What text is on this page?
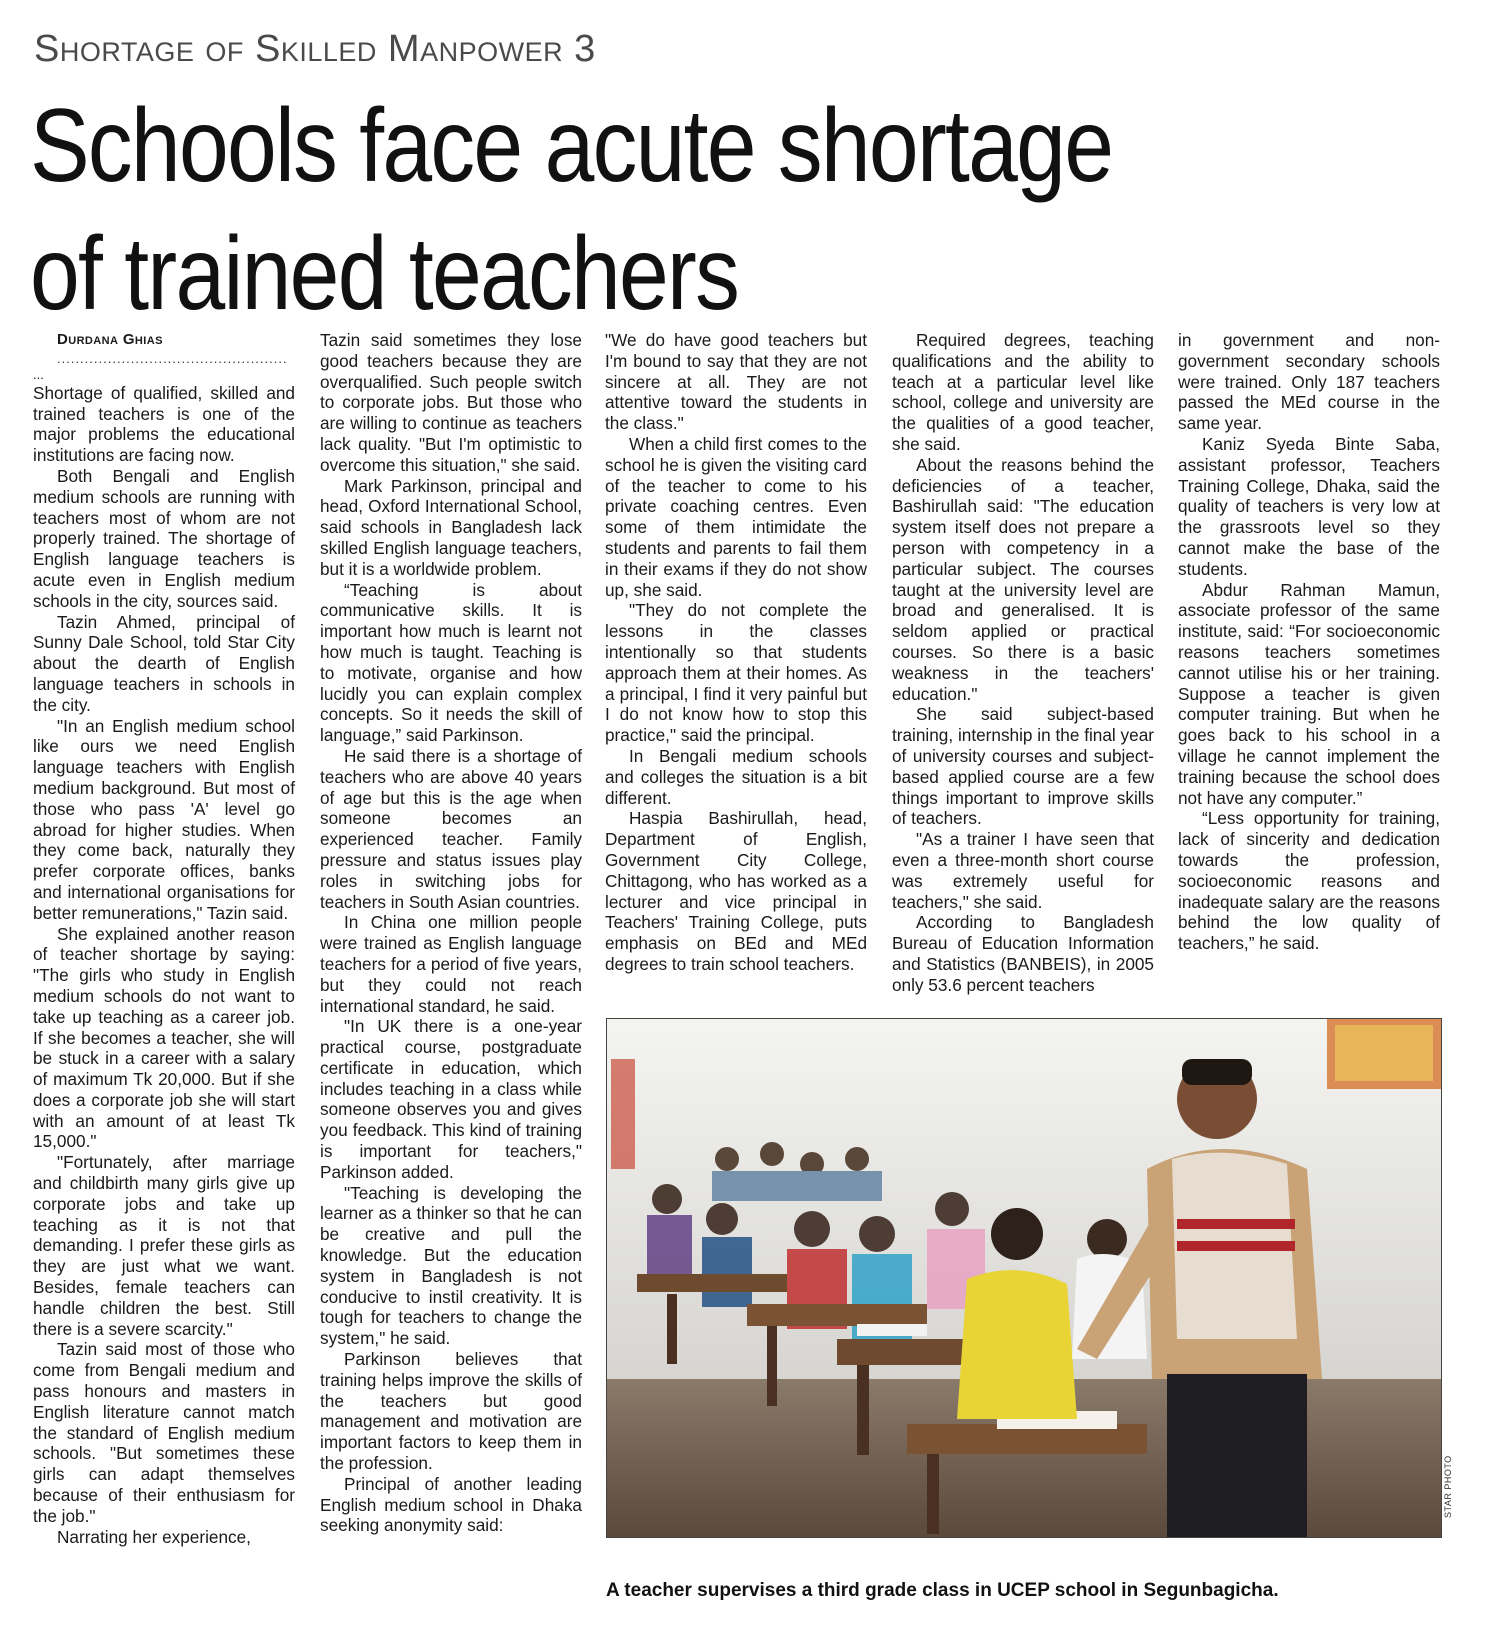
Shortage of Skilled Manpower 3
Schools face acute shortage
of trained teachers

Durdana Ghias

..................................................

...

Shortage of qualified, skilled and trained teachers is one of the major problems the educational institutions are facing now.

Both Bengali and English medium schools are running with teachers most of whom are not properly trained. The shortage of English language teachers is acute even in English medium schools in the city, sources said.

Tazin Ahmed, principal of Sunny Dale School, told Star City about the dearth of English language teachers in schools in the city.

"In an English medium school like ours we need English language teachers with English medium background. But most of those who pass 'A' level go abroad for higher studies. When they come back, naturally they prefer corporate offices, banks and international organisations for better remunerations," Tazin said.

She explained another reason of teacher shortage by saying: "The girls who study in English medium schools do not want to take up teaching as a career job. If she becomes a teacher, she will be stuck in a career with a salary of maximum Tk 20,000. But if she does a corporate job she will start with an amount of at least Tk 15,000."

"Fortunately, after marriage and childbirth many girls give up corporate jobs and take up teaching as it is not that demanding. I prefer these girls as they are just what we want. Besides, female teachers can handle children the best. Still there is a severe scarcity."

Tazin said most of those who come from Bengali medium and pass honours and masters in English literature cannot match the standard of English medium schools. "But sometimes these girls can adapt themselves because of their enthusiasm for the job."

Narrating her experience,

Tazin said sometimes they lose good teachers because they are overqualified. Such people switch to corporate jobs. But those who are willing to continue as teachers lack quality. "But I'm optimistic to overcome this situation," she said.

Mark Parkinson, principal and head, Oxford International School, said schools in Bangladesh lack skilled English language teachers, but it is a worldwide problem.

“Teaching is about communicative skills. It is important how much is learnt not how much is taught. Teaching is to motivate, organise and how lucidly you can explain complex concepts. So it needs the skill of language,” said Parkinson.

He said there is a shortage of teachers who are above 40 years of age but this is the age when someone becomes an experienced teacher. Family pressure and status issues play roles in switching jobs for teachers in South Asian countries.

In China one million people were trained as English language teachers for a period of five years, but they could not reach international standard, he said.

"In UK there is a one-year practical course, postgraduate certificate in education, which includes teaching in a class while someone observes you and gives you feedback. This kind of training is important for teachers," Parkinson added.

"Teaching is developing the learner as a thinker so that he can be creative and pull the knowledge. But the education system in Bangladesh is not conducive to instil creativity. It is tough for teachers to change the system," he said.

Parkinson believes that training helps improve the skills of the teachers but good management and motivation are important factors to keep them in the profession.

Principal of another leading English medium school in Dhaka seeking anonymity said:

"We do have good teachers but I'm bound to say that they are not sincere at all. They are not attentive toward the students in the class."

When a child first comes to the school he is given the visiting card of the teacher to come to his private coaching centres. Even some of them intimidate the students and parents to fail them in their exams if they do not show up, she said.

"They do not complete the lessons in the classes intentionally so that students approach them at their homes. As a principal, I find it very painful but I do not know how to stop this practice," said the principal.

In Bengali medium schools and colleges the situation is a bit different.

Haspia Bashirullah, head, Department of English, Government City College, Chittagong, who has worked as a lecturer and vice principal in Teachers' Training College, puts emphasis on BEd and MEd degrees to train school teachers.

Required degrees, teaching qualifications and the ability to teach at a particular level like school, college and university are the qualities of a good teacher, she said.

About the reasons behind the deficiencies of a teacher, Bashirullah said: "The education system itself does not prepare a person with competency in a particular subject. The courses taught at the university level are broad and generalised. It is seldom applied or practical courses. So there is a basic weakness in the teachers' education."

She said subject-based training, internship in the final year of university courses and subject-based applied course are a few things important to improve skills of teachers.

"As a trainer I have seen that even a three-month short course was extremely useful for teachers," she said.

According to Bangladesh Bureau of Education Information and Statistics (BANBEIS), in 2005 only 53.6 percent teachers

in government and non-government secondary schools were trained. Only 187 teachers passed the MEd course in the same year.

Kaniz Syeda Binte Saba, assistant professor, Teachers Training College, Dhaka, said the quality of teachers is very low at the grassroots level so they cannot make the base of the students.

Abdur Rahman Mamun, associate professor of the same institute, said: “For socioeconomic reasons teachers sometimes cannot utilise his or her training. Suppose a teacher is given computer training. But when he goes back to his school in a village he cannot implement the training because the school does not have any computer.”

“Less opportunity for training, lack of sincerity and dedication towards the profession, socioeconomic reasons and inadequate salary are the reasons behind the low quality of teachers,” he said.

STAR PHOTO
A teacher supervises a third grade class in UCEP school in Segunbagicha.
